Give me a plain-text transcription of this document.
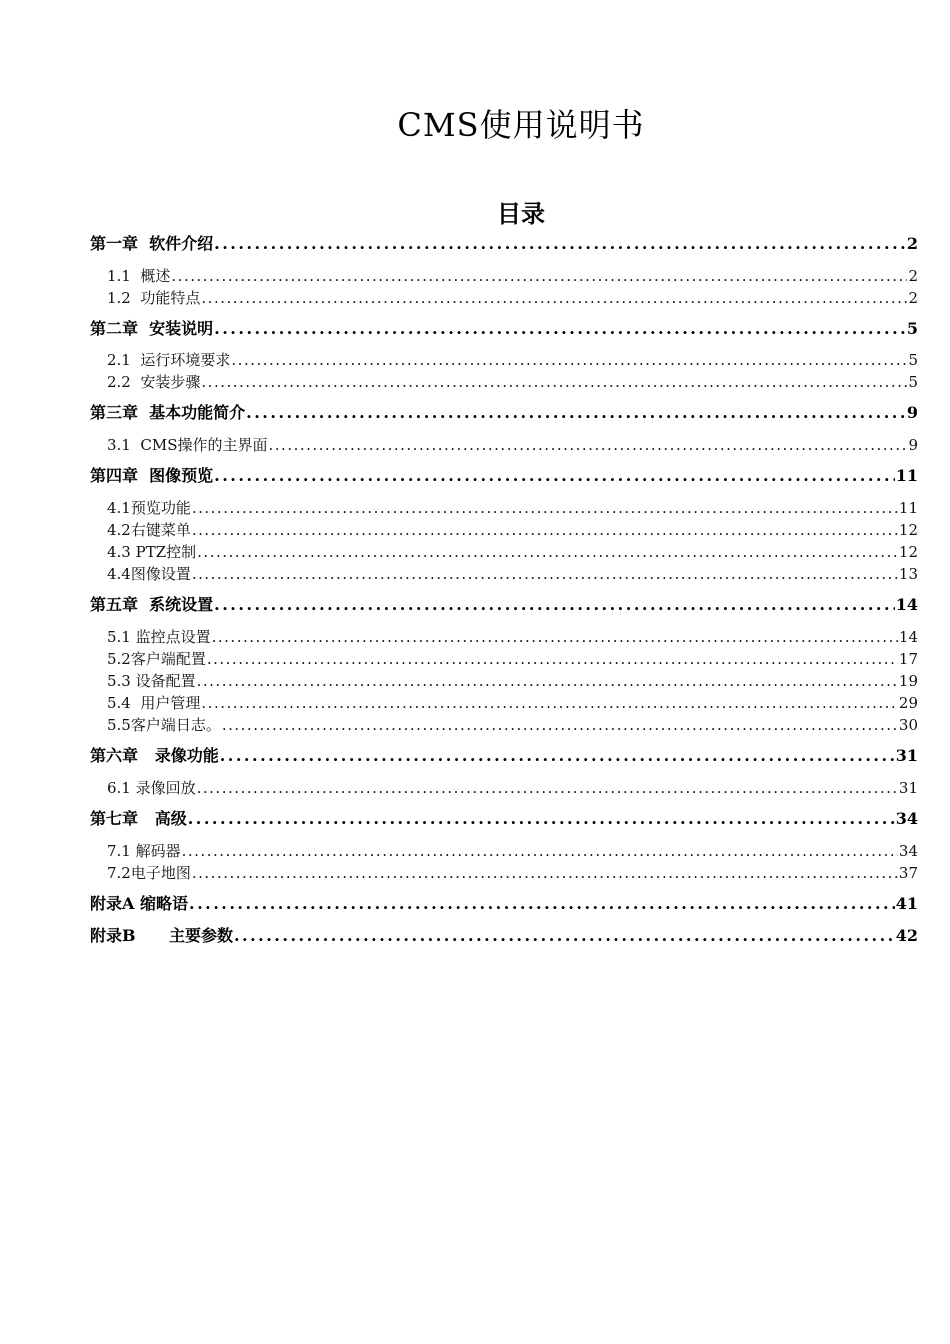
CMS使用说明书
目录
第一章  软件介绍 .....	2
1.1  概述 .....	2
1.2  功能特点 .....	2
第二章  安装说明 .....	5
2.1  运行环境要求 .....	5
2.2  安装步骤 .....	5
第三章  基本功能简介 .....	9
3.1  CMS操作的主界面 .....	9
第四章  图像预览 .....	11
4.1预览功能 .....	11
4.2右键菜单 .....	12
4.3 PTZ控制 .....	12
4.4图像设置 .....	13
第五章  系统设置 .....	14
5.1 监控点设置 .....	14
5.2客户端配置 .....	17
5.3 设备配置 .....	19
5.4  用户管理 .....	29
5.5客户端日志。 .....	30
第六章   录像功能 .....	31
6.1 录像回放 .....	31
第七章   高级 .....	34
7.1 解码器 .....	34
7.2电子地图 .....	37
附录A 缩略语 .....	41
附录B      主要参数 .....	42
